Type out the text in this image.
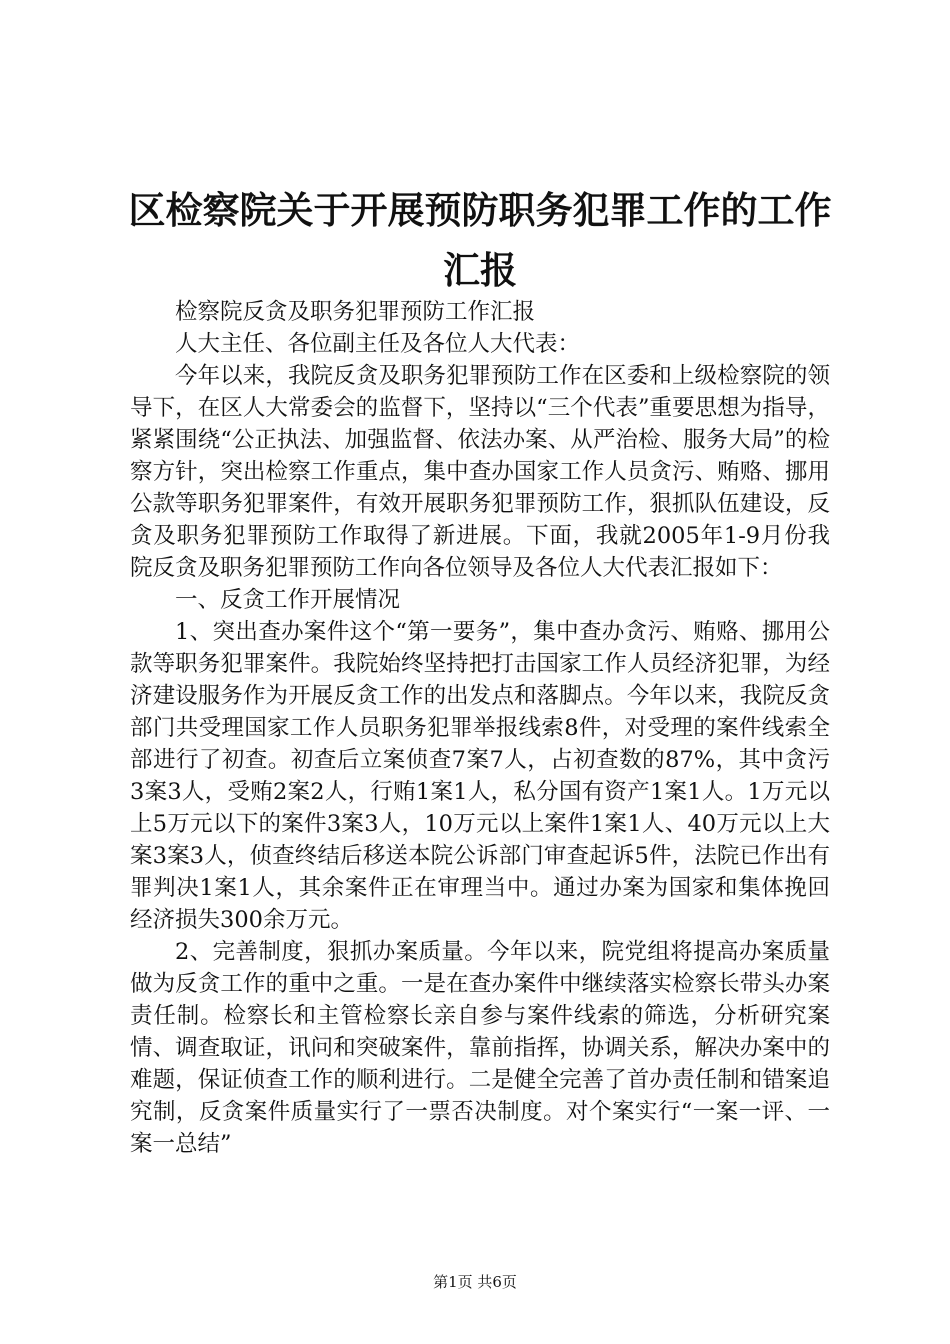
区检察院关于开展预防职务犯罪工作的工作汇报

检察院反贪及职务犯罪预防工作汇报

人大主任、各位副主任及各位人大代表：

今年以来，我院反贪及职务犯罪预防工作在区委和上级检察院的领导下，在区人大常委会的监督下，坚持以“三个代表”重要思想为指导，紧紧围绕“公正执法、加强监督、依法办案、从严治检、服务大局”的检察方针，突出检察工作重点，集中查办国家工作人员贪污、贿赂、挪用公款等职务犯罪案件，有效开展职务犯罪预防工作，狠抓队伍建设，反贪及职务犯罪预防工作取得了新进展。下面，我就2005年1-9月份我院反贪及职务犯罪预防工作向各位领导及各位人大代表汇报如下：

一、反贪工作开展情况

1、突出查办案件这个“第一要务”，集中查办贪污、贿赂、挪用公款等职务犯罪案件。我院始终坚持把打击国家工作人员经济犯罪，为经济建设服务作为开展反贪工作的出发点和落脚点。今年以来，我院反贪部门共受理国家工作人员职务犯罪举报线索8件，对受理的案件线索全部进行了初查。初查后立案侦查7案7人，占初查数的87%，其中贪污3案3人，受贿2案2人，行贿1案1人，私分国有资产1案1人。1万元以上5万元以下的案件3案3人，10万元以上案件1案1人、40万元以上大案3案3人，侦查终结后移送本院公诉部门审查起诉5件，法院已作出有罪判决1案1人，其余案件正在审理当中。通过办案为国家和集体挽回经济损失300余万元。

2、完善制度，狠抓办案质量。今年以来，院党组将提高办案质量做为反贪工作的重中之重。一是在查办案件中继续落实检察长带头办案责任制。检察长和主管检察长亲自参与案件线索的筛选，分析研究案情、调查取证，讯问和突破案件，靠前指挥，协调关系，解决办案中的难题，保证侦查工作的顺利进行。二是健全完善了首办责任制和错案追究制，反贪案件质量实行了一票否决制度。对个案实行“一案一评、一案一总结”

第1页 共6页
